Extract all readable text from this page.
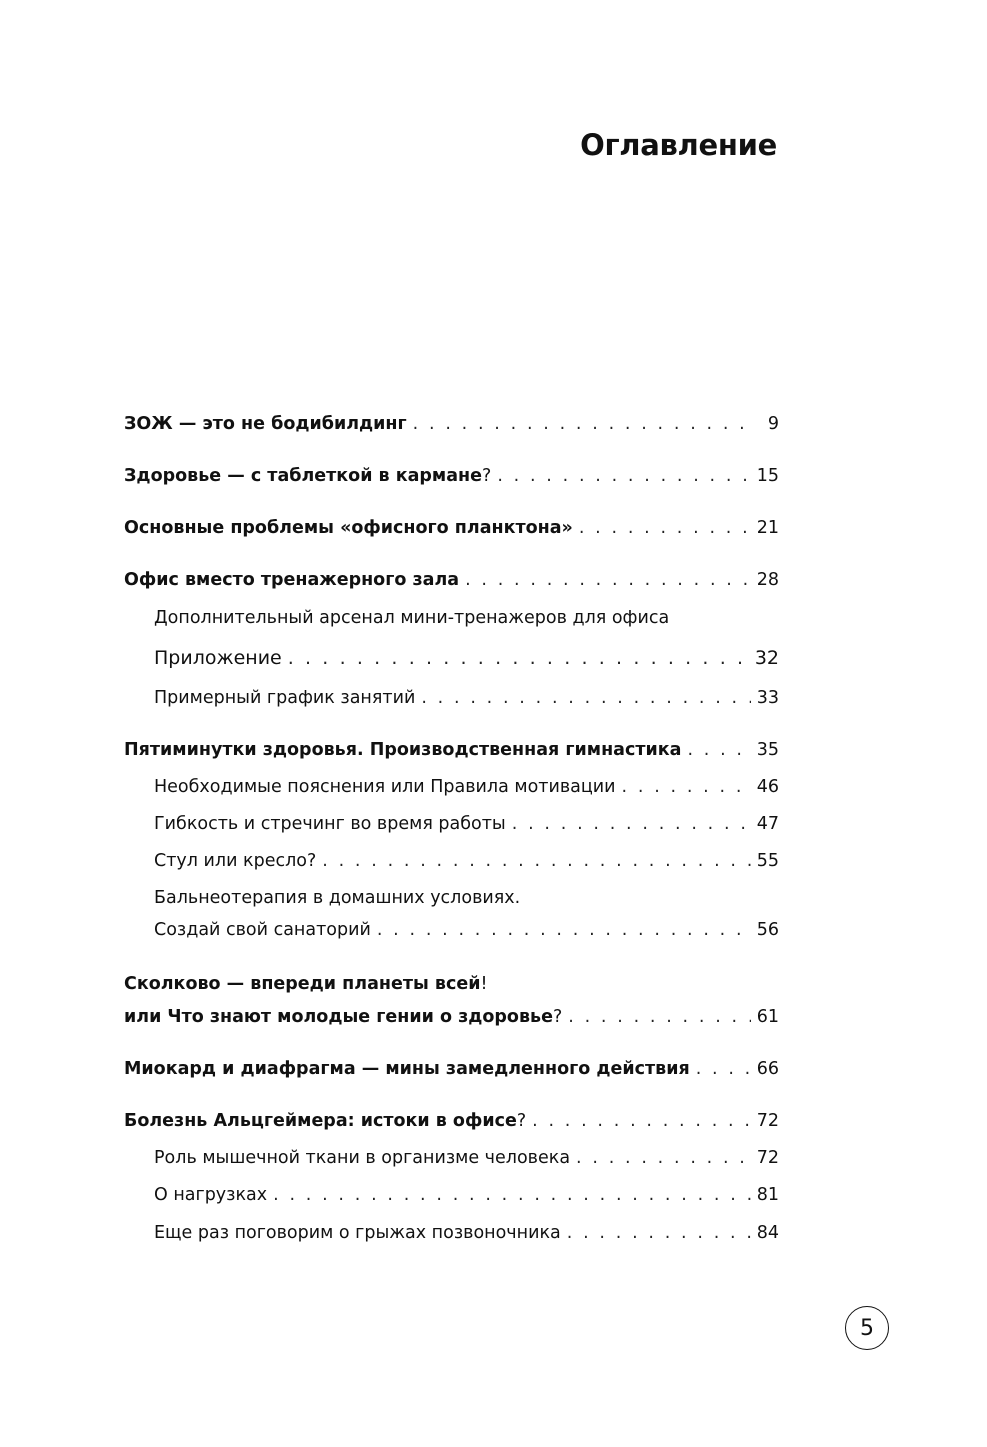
Оглавление
ЗОЖ — это не бодибилдинг . . .	9
Здоровье — с таблеткой в кармане? . . .	15
Основные проблемы «офисного планктона» . . .	21
Офис вместо тренажерного зала . . .	28
Дополнительный арсенал мини-тренажеров для офиса
Приложение . . .	32
Примерный график занятий . . .	33
Пятиминутки здоровья. Производственная гимнастика . . .	35
Необходимые пояснения или Правила мотивации . . .	46
Гибкость и стречинг во время работы . . .	47
Стул или кресло? . . .	55
Бальнеотерапия в домашних условиях.
Создай свой санаторий . . .	56
Сколково — впереди планеты всей!
или Что знают молодые гении о здоровье? . . .	61
Миокард и диафрагма — мины замедленного действия . . .	66
Болезнь Альцгеймера: истоки в офисе? . . .	72
Роль мышечной ткани в организме человека . . .	72
О нагрузках . . .	81
Еще раз поговорим о грыжах позвоночника . . .	84
5
